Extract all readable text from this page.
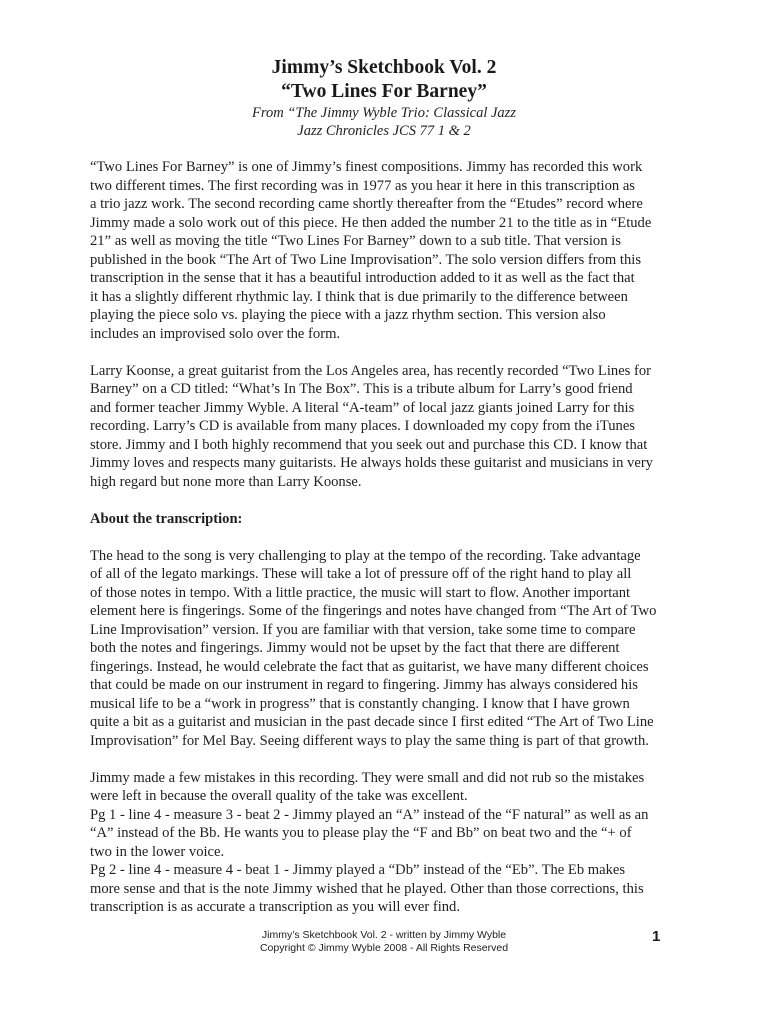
Jimmy’s Sketchbook Vol. 2

“Two Lines For Barney”

From “The Jimmy Wyble Trio: Classical Jazz

Jazz Chronicles JCS 77 1 & 2

“Two Lines For Barney” is one of Jimmy’s finest compositions. Jimmy has recorded this work
two different times. The first recording was in 1977 as you hear it here in this transcription as
a trio jazz work. The second recording came shortly thereafter from the “Etudes” record where
Jimmy made a solo work out of this piece. He then added the number 21 to the title as in “Etude
21” as well as moving the title “Two Lines For Barney” down to a sub title. That version is
published in the book “The Art of Two Line Improvisation”. The solo version differs from this
transcription in the sense that it has a beautiful introduction added to it as well as the fact that
it has a slightly different rhythmic lay. I think that is due primarily to the difference between
playing the piece solo vs. playing the piece with a jazz rhythm section. This version also
includes an improvised solo over the form.
Larry Koonse, a great guitarist from the Los Angeles area, has recently recorded “Two Lines for
Barney” on a CD titled: “What’s In The Box”. This is a tribute album for Larry’s good friend
and former teacher Jimmy Wyble. A literal “A-team” of local jazz giants joined Larry for this
recording. Larry’s CD is available from many places. I downloaded my copy from the iTunes
store. Jimmy and I both highly recommend that you seek out and purchase this CD. I know that
Jimmy loves and respects many guitarists. He always holds these guitarist and musicians in very
high regard but none more than Larry Koonse.
About the transcription:
The head to the song is very challenging to play at the tempo of the recording. Take advantage
of all of the legato markings. These will take a lot of pressure off of the right hand to play all
of those notes in tempo. With a little practice, the music will start to flow. Another important
element here is fingerings. Some of the fingerings and notes have changed from “The Art of Two
Line Improvisation” version. If you are familiar with that version, take some time to compare
both the notes and fingerings. Jimmy would not be upset by the fact that there are different
fingerings. Instead, he would celebrate the fact that as guitarist, we have many different choices
that could be made on our instrument in regard to fingering. Jimmy has always considered his
musical life to be a “work in progress” that is constantly changing. I know that I have grown
quite a bit as a guitarist and musician in the past decade since I first edited “The Art of Two Line
Improvisation” for Mel Bay. Seeing different ways to play the same thing is part of that growth.
Jimmy made a few mistakes in this recording. They were small and did not rub so the mistakes
were left in because the overall quality of the take was excellent.
Pg 1 - line 4 - measure 3 - beat 2 - Jimmy played an “A” instead of the “F natural” as well as an
“A” instead of the Bb. He wants you to please play the “F and Bb” on beat two and the “+ of
two in the lower voice.
Pg 2 - line 4 - measure 4 - beat 1 - Jimmy played a “Db” instead of the “Eb”. The Eb makes
more sense and that is the note Jimmy wished that he played. Other than those corrections, this
transcription is as accurate a transcription as you will ever find.
Jimmy’s Sketchbook Vol. 2 - written by Jimmy Wyble
Copyright © Jimmy Wyble 2008 - All Rights Reserved
1
